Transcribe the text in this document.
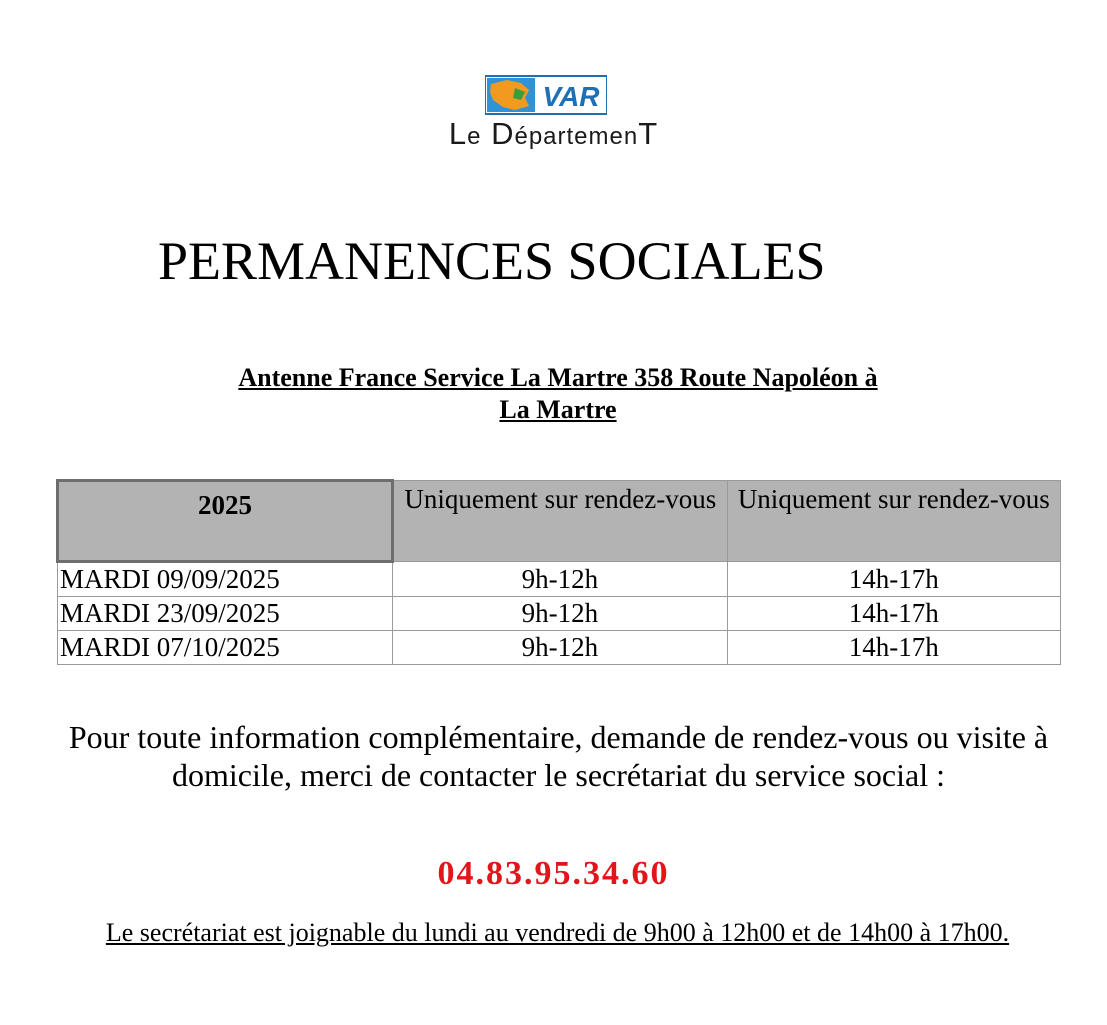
VAR
Le DépartemenT
PERMANENCES SOCIALES
Antenne France Service La Martre 358 Route Napoléon à
La Martre
2025	Uniquement sur rendez-vous	Uniquement sur rendez-vous
MARDI 09/09/2025	9h-12h	14h-17h
MARDI 23/09/2025	9h-12h	14h-17h
MARDI 07/10/2025	9h-12h	14h-17h
Pour toute information complémentaire, demande de rendez-vous ou visite à domicile, merci de contacter le secrétariat du service social :
04.83.95.34.60
Le secrétariat est joignable du lundi au vendredi de 9h00 à 12h00 et de 14h00 à 17h00.
